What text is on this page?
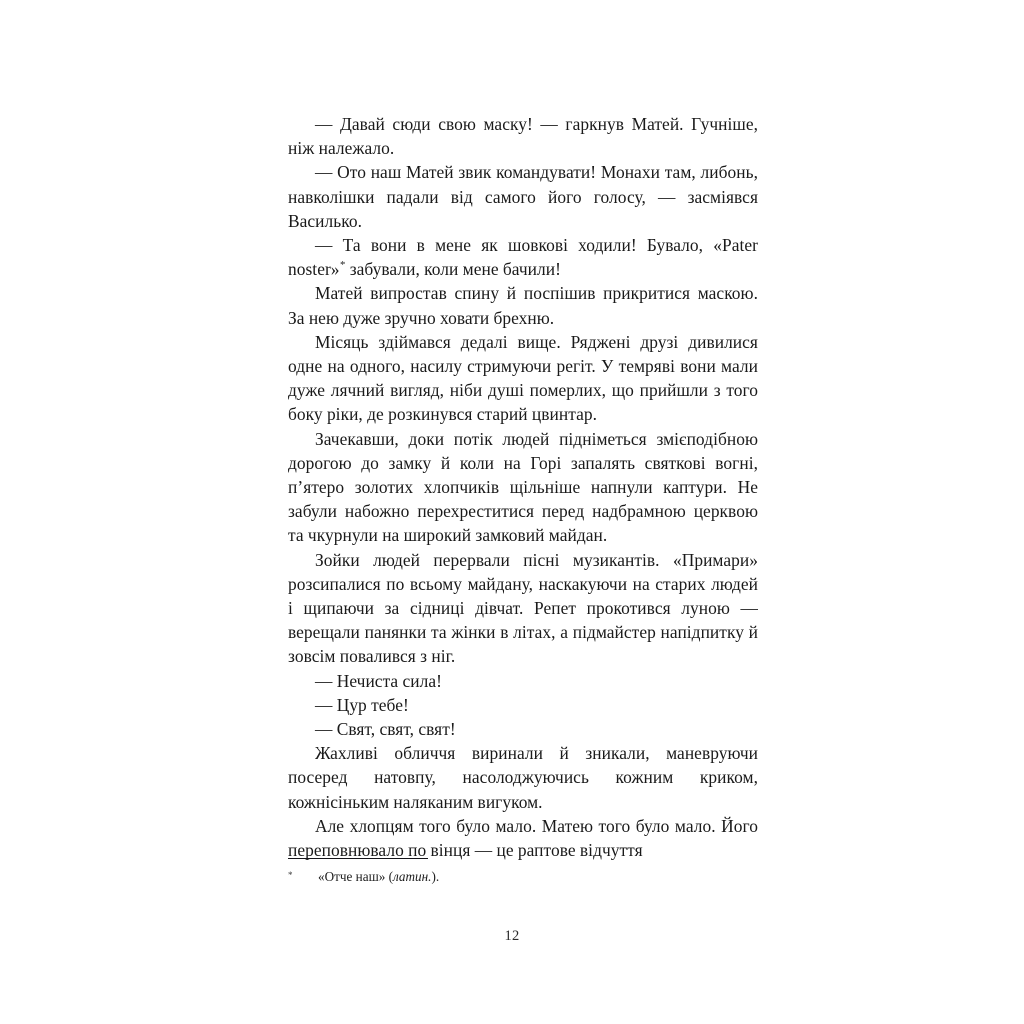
— Давай сюди свою маску! — гаркнув Матей. Гучніше, ніж належало.

— Ото наш Матей звик командувати! Монахи там, либонь, навколішки падали від самого його голосу, — засміявся Василько.

— Та вони в мене як шовкові ходили! Бувало, «Pater noster»* забували, коли мене бачили!

Матей випростав спину й поспішив прикритися маскою. За нею дуже зручно ховати брехню.

Місяць здіймався дедалі вище. Ряджені друзі дивилися одне на одного, насилу стримуючи регіт. У темряві вони мали дуже лячний вигляд, ніби душі померлих, що прийшли з того боку ріки, де розкинувся старий цвинтар.

Зачекавши, доки потік людей підніметься змієподібною дорогою до замку й коли на Горі запалять святкові вогні, п’ятеро золотих хлопчиків щільніше напнули каптури. Не забули набожно перехреститися перед надбрамною церквою та чкурнули на широкий замковий майдан.

Зойки людей перервали пісні музикантів. «Примари» розсипалися по всьому майдану, наскакуючи на старих людей і щипаючи за сідниці дівчат. Репет прокотився луною — верещали панянки та жінки в літах, а підмайстер напідпитку й зовсім повалився з ніг.

— Нечиста сила!

— Цур тебе!

— Свят, свят, свят!

Жахливі обличчя виринали й зникали, маневруючи посеред натовпу, насолоджуючись кожним криком, кожнісіньким наляканим вигуком.

Але хлопцям того було мало. Матею того було мало. Його переповнювало по вінця — це раптове відчуття

*	«Отче наш» (латин.).

12
